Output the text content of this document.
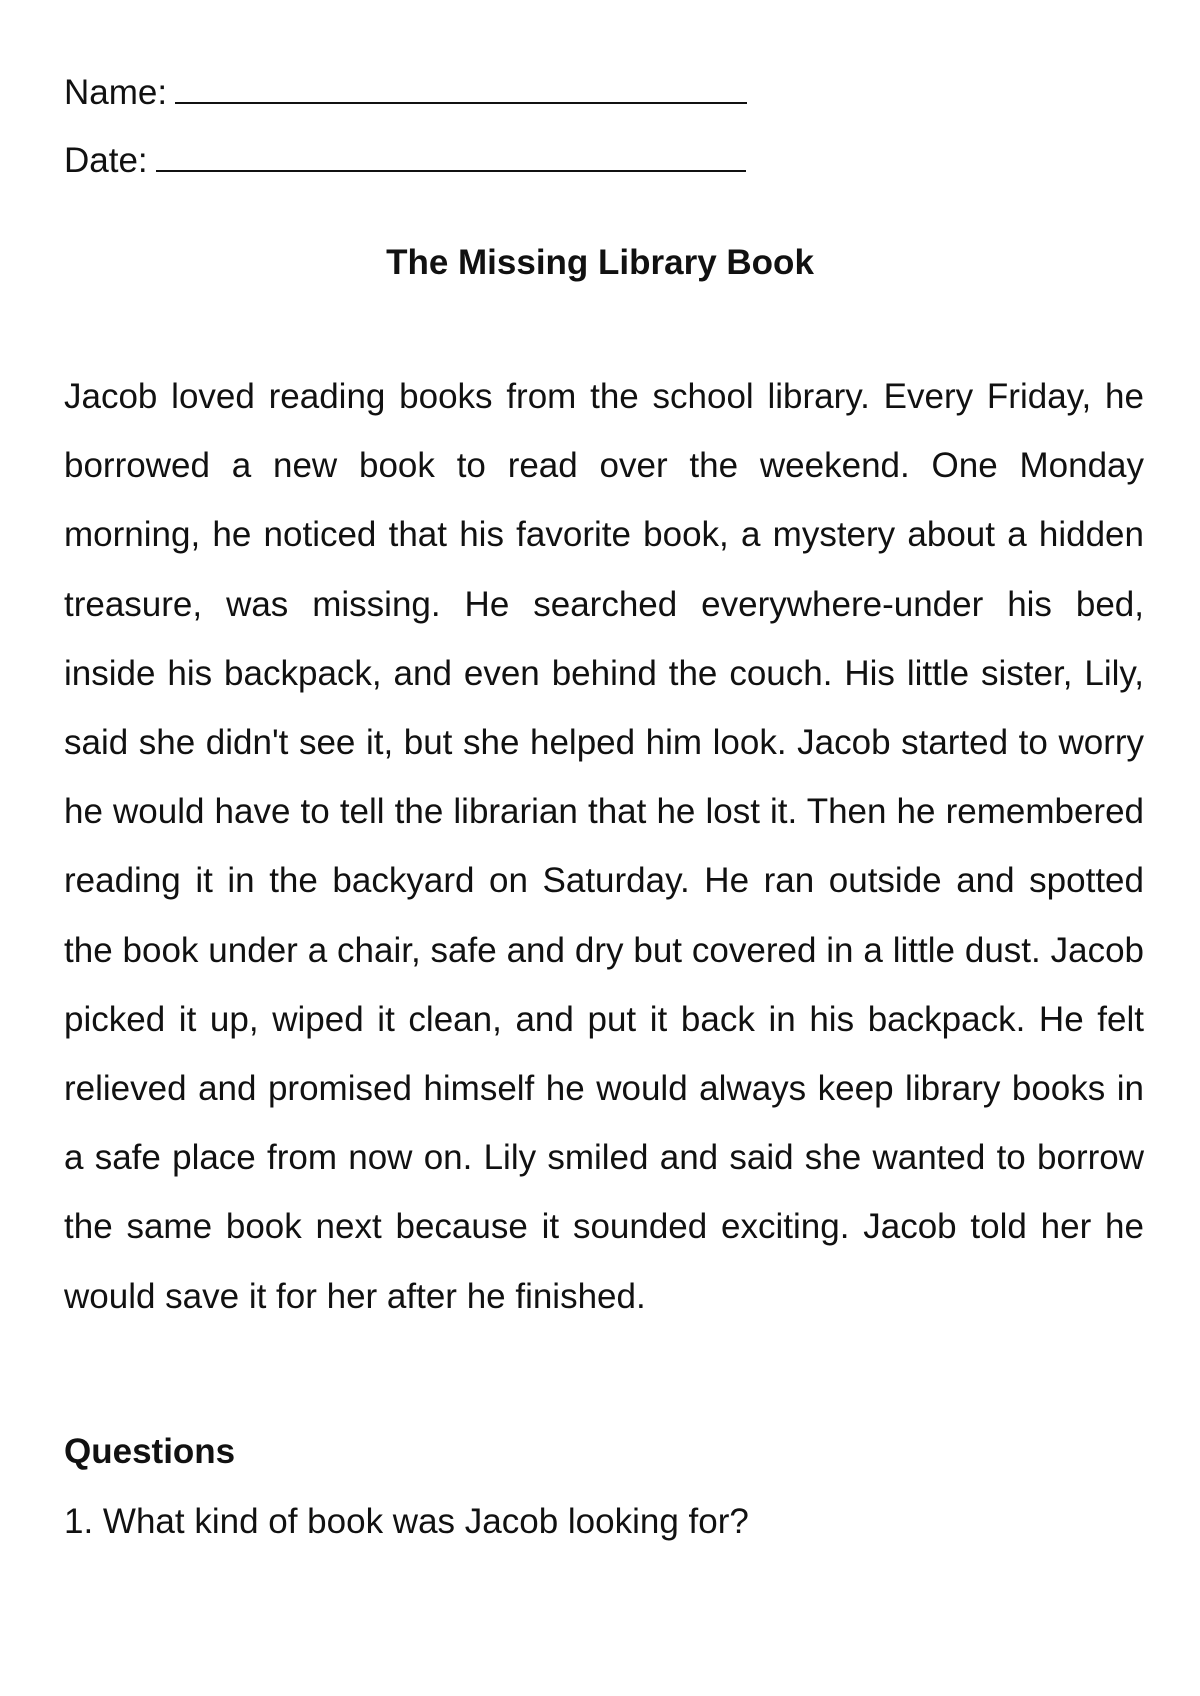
Name:
Date:
The Missing Library Book

Jacob loved reading books from the school library. Every Friday, he borrowed a new book to read over the weekend. One Monday morning, he noticed that his favorite book, a mystery about a hidden treasure, was missing. He searched everywhere-under his bed, inside his backpack, and even behind the couch. His little sister, Lily, said she didn't see it, but she helped him look. Jacob started to worry he would have to tell the librarian that he lost it. Then he remembered reading it in the backyard on Saturday. He ran outside and spotted the book under a chair, safe and dry but covered in a little dust. Jacob picked it up, wiped it clean, and put it back in his backpack. He felt relieved and promised himself he would always keep library books in a safe place from now on. Lily smiled and said she wanted to borrow the same book next because it sounded exciting. Jacob told her he would save it for her after he finished.

Questions
1. What kind of book was Jacob looking for?
